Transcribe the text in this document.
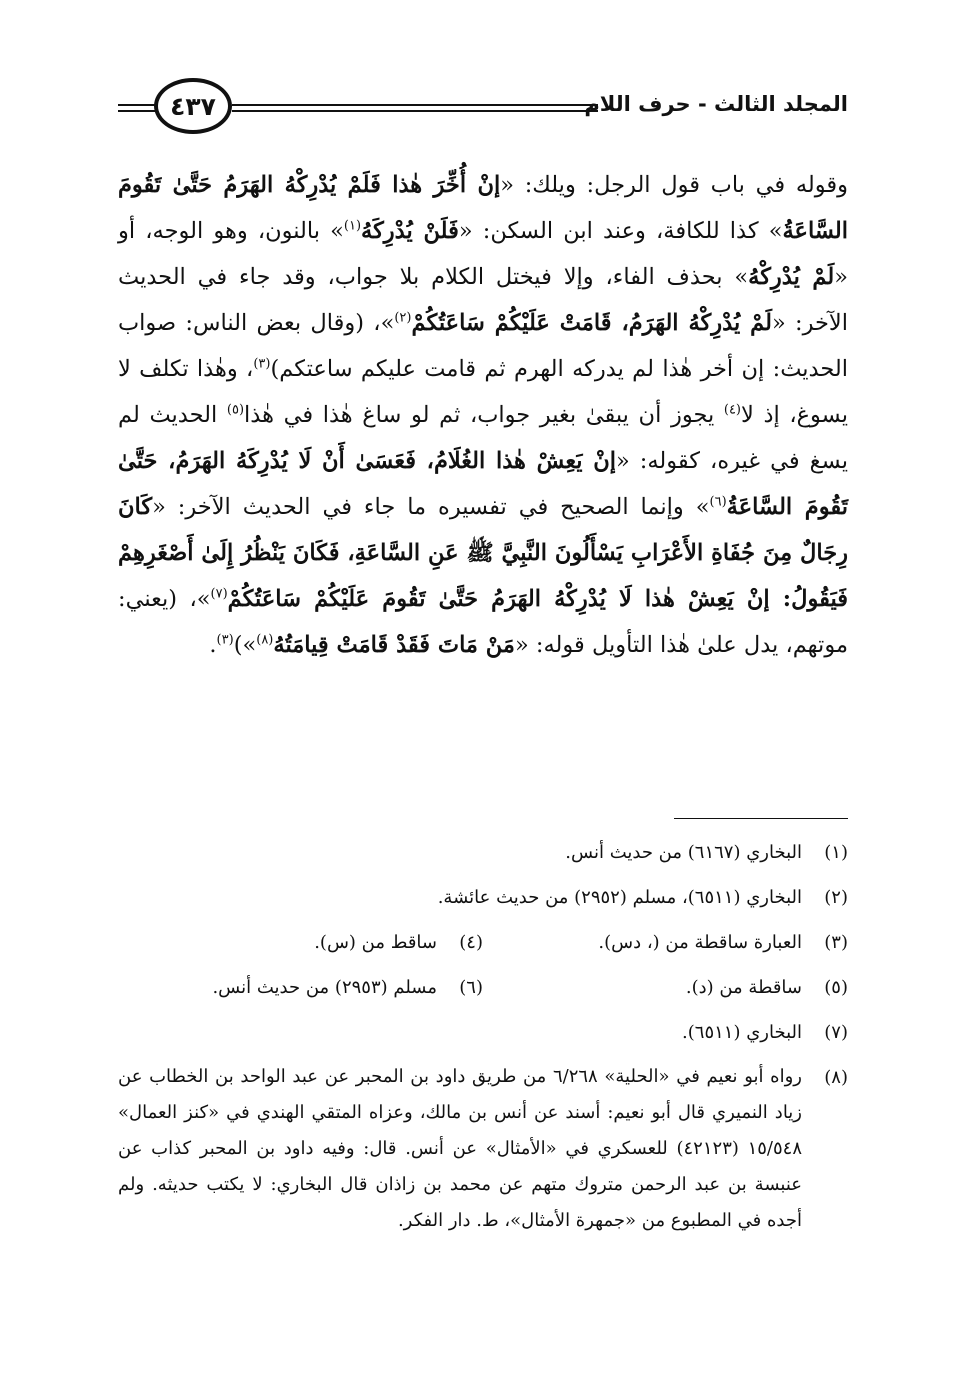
٤٣٧	المجلد الثالث - حرف اللام

وقوله في باب قول الرجل: ويلك: «إنْ أُخِّرَ هٰذا فَلَمْ يُدْرِكْهُ الهَرَمُ حَتَّىٰ تَقُومَ السَّاعَةُ» كذا للكافة، وعند ابن السكن: «فَلَنْ يُدْرِكَهُ$^{(١)}$» بالنون، وهو الوجه، أو «لَمْ يُدْرِكْهُ» بحذف الفاء، وإلا فيختل الكلام بلا جواب، وقد جاء في الحديث الآخر: «لَمْ يُدْرِكْهُ الهَرَمُ، قَامَتْ عَلَيْكُمْ سَاعَتُكُمْ$^{(٢)}$»، (وقال بعض الناس: صواب الحديث: إن أخر هٰذا لم يدركه الهرم ثم قامت عليكم ساعتكم)$^{(٣)}$، وهٰذا تكلف لا يسوغ، إذ لا$^{(٤)}$ يجوز أن يبقىٰ بغير جواب، ثم لو ساغ هٰذا في هٰذا$^{(٥)}$ الحديث لم يسغ في غيره، كقوله: «إنْ يَعِشْ هٰذا الغُلَامُ، فَعَسَىٰ أَنْ لَا يُدْرِكَهُ الهَرَمُ، حَتَّىٰ تَقُومَ السَّاعَةُ$^{(٦)}$» وإنما الصحيح في تفسيره ما جاء في الحديث الآخر: «كَانَ رِجَالٌ مِنَ جُفَاةِ الأَعْرَابِ يَسْأَلُونَ النَّبِيَّ ﷺ عَنِ السَّاعَةِ، فَكَانَ يَنْظُرُ إِلَىٰ أَصْغَرِهِمْ فَيَقُولُ: إنْ يَعِشْ هٰذا لَا يُدْرِكْهُ الهَرَمُ حَتَّىٰ تَقُومَ عَلَيْكُمْ سَاعَتُكُمْ$^{(٧)}$»، (يعني: موتهم، يدل علىٰ هٰذا التأويل قوله: «مَنْ مَاتَ فَقَدْ قَامَتْ قِيامَتُهُ$^{(٨)}$»)$^{(٣)}$.

(١)
البخاري (٦١٦٧) من حديث أنس.
(٢)
البخاري (٦٥١١)، مسلم (٢٩٥٢) من حديث عائشة.
(٣)
العبارة ساقطة من (، دس).
(٤)
ساقط من (س).
(٥)
ساقطة من (د).
(٦)
مسلم (٢٩٥٣) من حديث أنس.
(٧)
البخاري (٦٥١١).
(٨)
رواه أبو نعيم في «الحلية» ٦/٢٦٨ من طريق داود بن المحبر عن عبد الواحد بن الخطاب عن زياد النميري قال أبو نعيم: أسند عن أنس بن مالك، وعزاه المتقي الهندي في «كنز العمال» ١٥/٥٤٨ (٤٢١٢٣) للعسكري في «الأمثال» عن أنس. قال: وفيه داود بن المحبر كذاب عن عنبسة بن عبد الرحمن متروك متهم عن محمد بن زاذان قال البخاري: لا يكتب حديثه. ولم أجده في المطبوع من «جمهرة الأمثال»، ط. دار الفكر.
